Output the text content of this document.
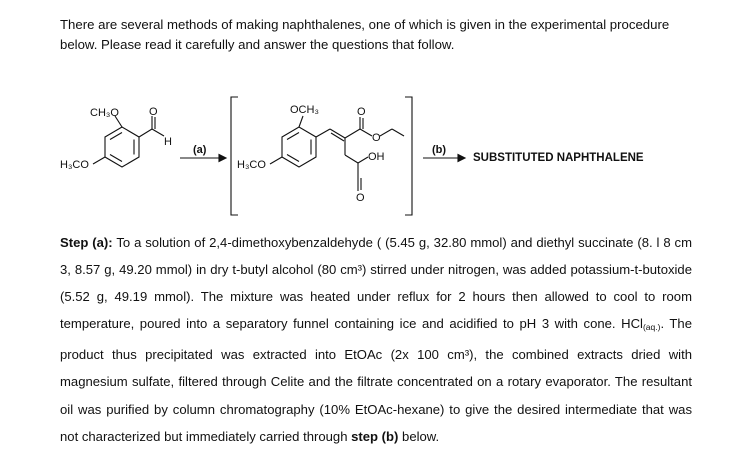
There are several methods of making naphthalenes, one of which is given in the experimental procedure below. Please read it carefully and answer the questions that follow.

CH₃O	O
H
H₃CO
(a)
OCH₃	O
O
OH
O
H₃CO
(b)
SUBSTITUTED NAPHTHALENE

Step (a): To a solution of 2,4-dimethoxybenzaldehyde ( (5.45 g, 32.80 mmol) and diethyl succinate (8. l 8 cm 3, 8.57 g, 49.20 mmol) in dry t-butyl alcohol (80 cm³) stirred under nitrogen, was added potassium-t-butoxide (5.52 g, 49.19 mmol). The mixture was heated under reflux for 2 hours then allowed to cool to room temperature, poured into a separatory funnel containing ice and acidified to pH 3 with cone. HCl$_{(aq.)}$. The product thus precipitated was extracted into EtOAc (2x 100 cm³), the combined extracts dried with magnesium sulfate, filtered through Celite and the filtrate concentrated on a rotary evaporator. The resultant oil was purified by column chromatography (10% EtOAc-hexane) to give the desired intermediate that was not characterized but immediately carried through step (b) below.
